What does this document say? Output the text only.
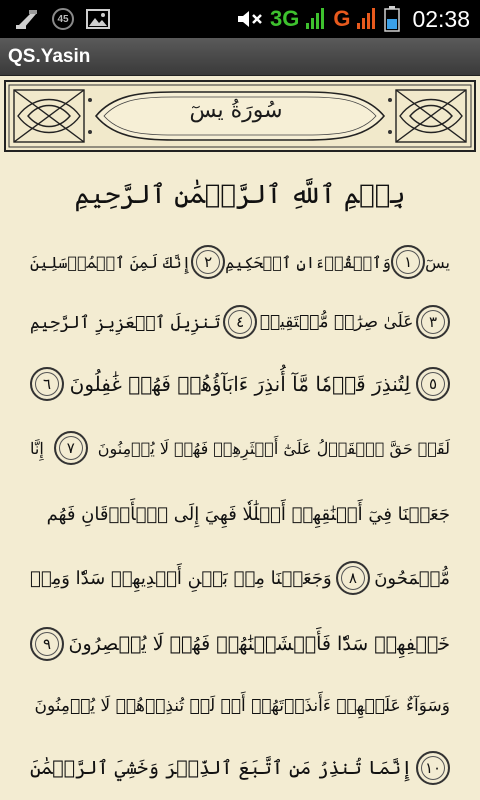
45	3G G	02:38
QS.Yasin
سُورَةُ يسٓ
بِسۡمِ ٱللَّهِ ٱلرَّحۡمَٰنِ ٱلرَّحِيمِ
يسٓ
١
وَٱلۡقُرۡءَانِ ٱلۡحَكِيمِ
٢
إِنَّكَ لَمِنَ ٱلۡمُرۡسَلِينَ
٣
عَلَىٰ صِرَٰطٖ مُّسۡتَقِيمٖ
٤
تَنزِيلَ ٱلۡعَزِيزِ ٱلرَّحِيمِ
٥
لِتُنذِرَ قَوۡمٗا مَّآ أُنذِرَ ءَابَآؤُهُمۡ فَهُمۡ غَٰفِلُونَ
٦
لَقَدۡ حَقَّ ٱلۡقَوۡلُ عَلَىٰٓ أَكۡثَرِهِمۡ فَهُمۡ لَا يُؤۡمِنُونَ
٧
إِنَّا
جَعَلۡنَا فِيٓ أَعۡنَٰقِهِمۡ أَغۡلَٰلٗا فَهِيَ إِلَى ٱلۡأَذۡقَانِ فَهُم
مُّقۡمَحُونَ
٨
وَجَعَلۡنَا مِنۢ بَيۡنِ أَيۡدِيهِمۡ سَدّٗا وَمِنۡ
خَلۡفِهِمۡ سَدّٗا فَأَغۡشَيۡنَٰهُمۡ فَهُمۡ لَا يُبۡصِرُونَ
٩
وَسَوَآءٌ عَلَيۡهِمۡ ءَأَنذَرۡتَهُمۡ أَمۡ لَمۡ تُنذِرۡهُمۡ لَا يُؤۡمِنُونَ
١٠
إِنَّمَا تُنذِرُ مَنِ ٱتَّبَعَ ٱلذِّكۡرَ وَخَشِيَ ٱلرَّحۡمَٰنَ
